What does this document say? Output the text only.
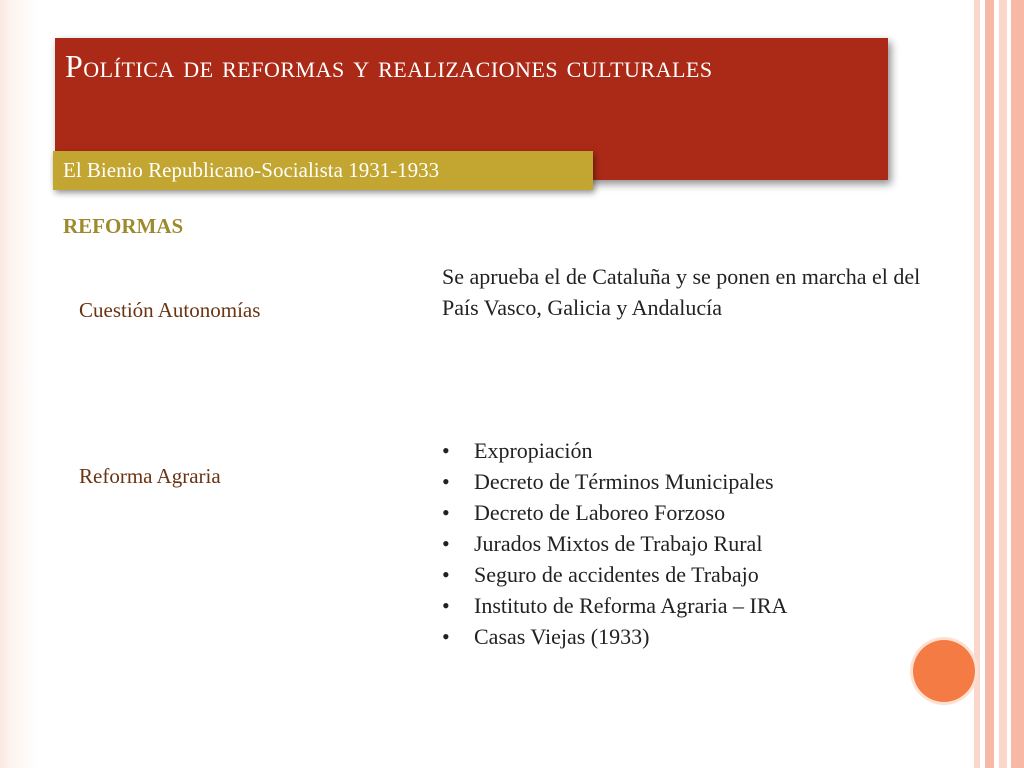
Política de reformas y realizaciones culturales
El Bienio Republicano-Socialista 1931-1933
REFORMAS
Cuestión Autonomías
Se aprueba el de Cataluña y se ponen en marcha el del País Vasco, Galicia y Andalucía
Reforma Agraria
• Expropiación
• Decreto de Términos Municipales
• Decreto de Laboreo Forzoso
• Jurados Mixtos de Trabajo Rural
• Seguro de accidentes de Trabajo
• Instituto de Reforma Agraria – IRA
• Casas Viejas (1933)
